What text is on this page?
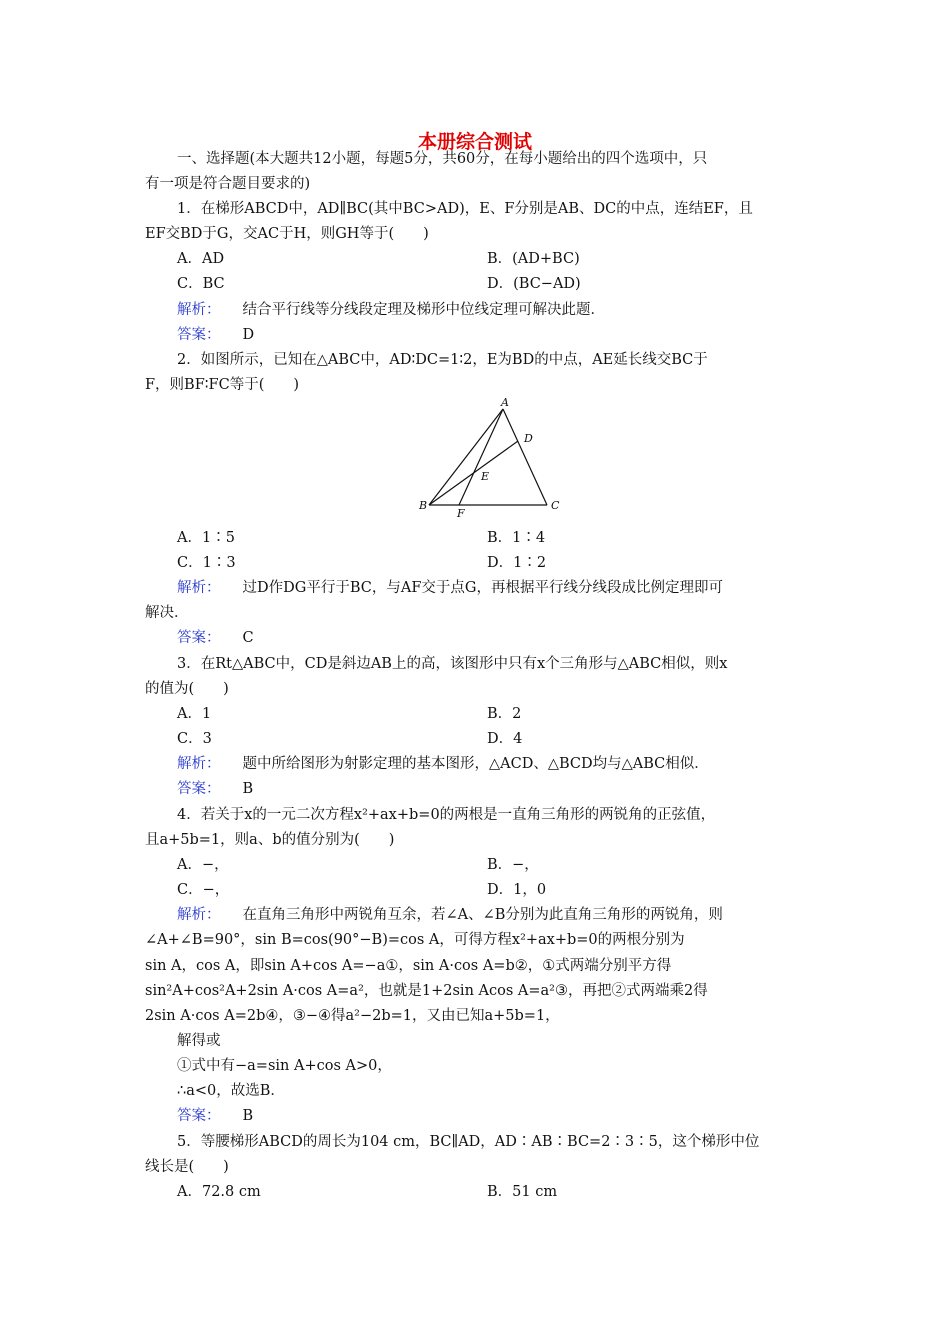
本册综合测试
一、选择题(本大题共12小题，每题5分，共60分，在每小题给出的四个选项中，只
有一项是符合题目要求的)
1．在梯形ABCD中，AD∥BC(其中BC>AD)，E、F分别是AB、DC的中点，连结EF，且
EF交BD于G，交AC于H，则GH等于(　　)
A．AD	B．(AD+BC)
C．BC	D．(BC−AD)
解析： 结合平行线等分线段定理及梯形中位线定理可解决此题．
答案： D
2．如图所示，已知在△ABC中，AD∶DC=1∶2，E为BD的中点，AE延长线交BC于
F，则BF∶FC等于(　　)
A
D
E
B	C
F
A．1∶5	B．1∶4
C．1∶3	D．1∶2
解析： 过D作DG平行于BC，与AF交于点G，再根据平行线分线段成比例定理即可
解决．
答案： C
3．在Rt△ABC中，CD是斜边AB上的高，该图形中只有x个三角形与△ABC相似，则x
的值为(　　)
A．1	B．2
C．3	D．4
解析： 题中所给图形为射影定理的基本图形，△ACD、△BCD均与△ABC相似．
答案： B
4．若关于x的一元二次方程x²+ax+b=0的两根是一直角三角形的两锐角的正弦值，
且a+5b=1，则a、b的值分别为(　　)
A．−，	B．−，
C．−，	D．1，0
解析： 在直角三角形中两锐角互余，若∠A、∠B分别为此直角三角形的两锐角，则
∠A+∠B=90°，sin B=cos(90°−B)=cos A，可得方程x²+ax+b=0的两根分别为
sin A，cos A，即sin A+cos A=−a①，sin A·cos A=b②，①式两端分别平方得
sin²A+cos²A+2sin A·cos A=a²，也就是1+2sin Acos A=a²③，再把②式两端乘2得
2sin A·cos A=2b④，③−④得a²−2b=1，又由已知a+5b=1，
解得或
①式中有−a=sin A+cos A>0，
∴a<0，故选B．
答案： B
5．等腰梯形ABCD的周长为104 cm，BC∥AD，AD∶AB∶BC=2∶3∶5，这个梯形中位
线长是(　　)
A．72.8 cm	B．51 cm
